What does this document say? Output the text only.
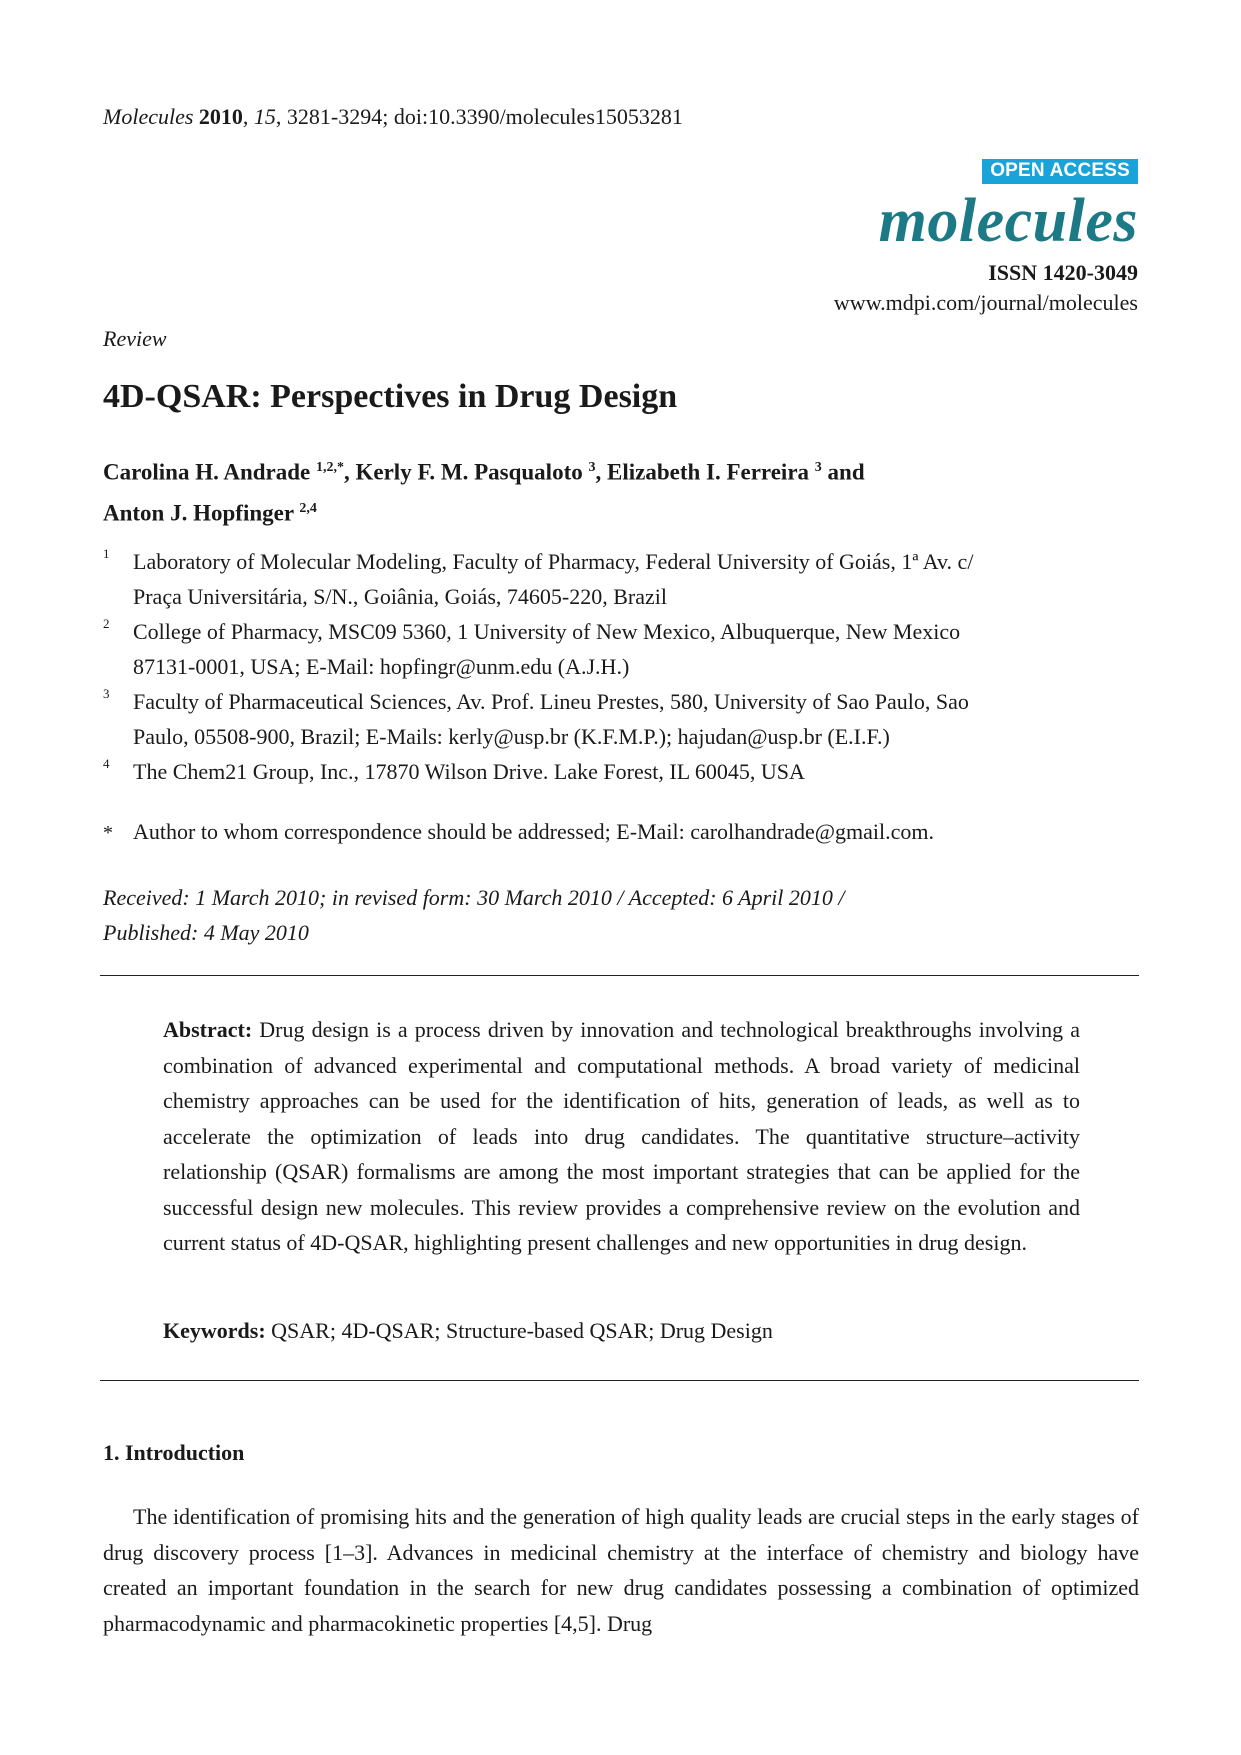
Molecules 2010, 15, 3281-3294; doi:10.3390/molecules15053281
OPEN ACCESS
molecules
ISSN 1420-3049
www.mdpi.com/journal/molecules
Review
4D-QSAR: Perspectives in Drug Design
Carolina H. Andrade $^{1,2,*}$, Kerly F. M. Pasqualoto $^3$, Elizabeth I. Ferreira $^3$ and
Anton J. Hopfinger $^{2,4}$
1 Laboratory of Molecular Modeling, Faculty of Pharmacy, Federal University of Goiás, 1ª Av. c/
Praça Universitária, S/N., Goiânia, Goiás, 74605-220, Brazil
2 College of Pharmacy, MSC09 5360, 1 University of New Mexico, Albuquerque, New Mexico
87131-0001, USA; E-Mail: hopfingr@unm.edu (A.J.H.)
3 Faculty of Pharmaceutical Sciences, Av. Prof. Lineu Prestes, 580, University of Sao Paulo, Sao
Paulo, 05508-900, Brazil; E-Mails: kerly@usp.br (K.F.M.P.); hajudan@usp.br (E.I.F.)
4 The Chem21 Group, Inc., 17870 Wilson Drive. Lake Forest, IL 60045, USA
* Author to whom correspondence should be addressed; E-Mail: carolhandrade@gmail.com.
Received: 1 March 2010; in revised form: 30 March 2010 / Accepted: 6 April 2010 /
Published: 4 May 2010
Abstract: Drug design is a process driven by innovation and technological breakthroughs involving a combination of advanced experimental and computational methods. A broad variety of medicinal chemistry approaches can be used for the identification of hits, generation of leads, as well as to accelerate the optimization of leads into drug candidates. The quantitative structure–activity relationship (QSAR) formalisms are among the most important strategies that can be applied for the successful design new molecules. This review provides a comprehensive review on the evolution and current status of 4D-QSAR, highlighting present challenges and new opportunities in drug design.
Keywords: QSAR; 4D-QSAR; Structure-based QSAR; Drug Design
1. Introduction
The identification of promising hits and the generation of high quality leads are crucial steps in the early stages of drug discovery process [1–3]. Advances in medicinal chemistry at the interface of chemistry and biology have created an important foundation in the search for new drug candidates possessing a combination of optimized pharmacodynamic and pharmacokinetic properties [4,5]. Drug
